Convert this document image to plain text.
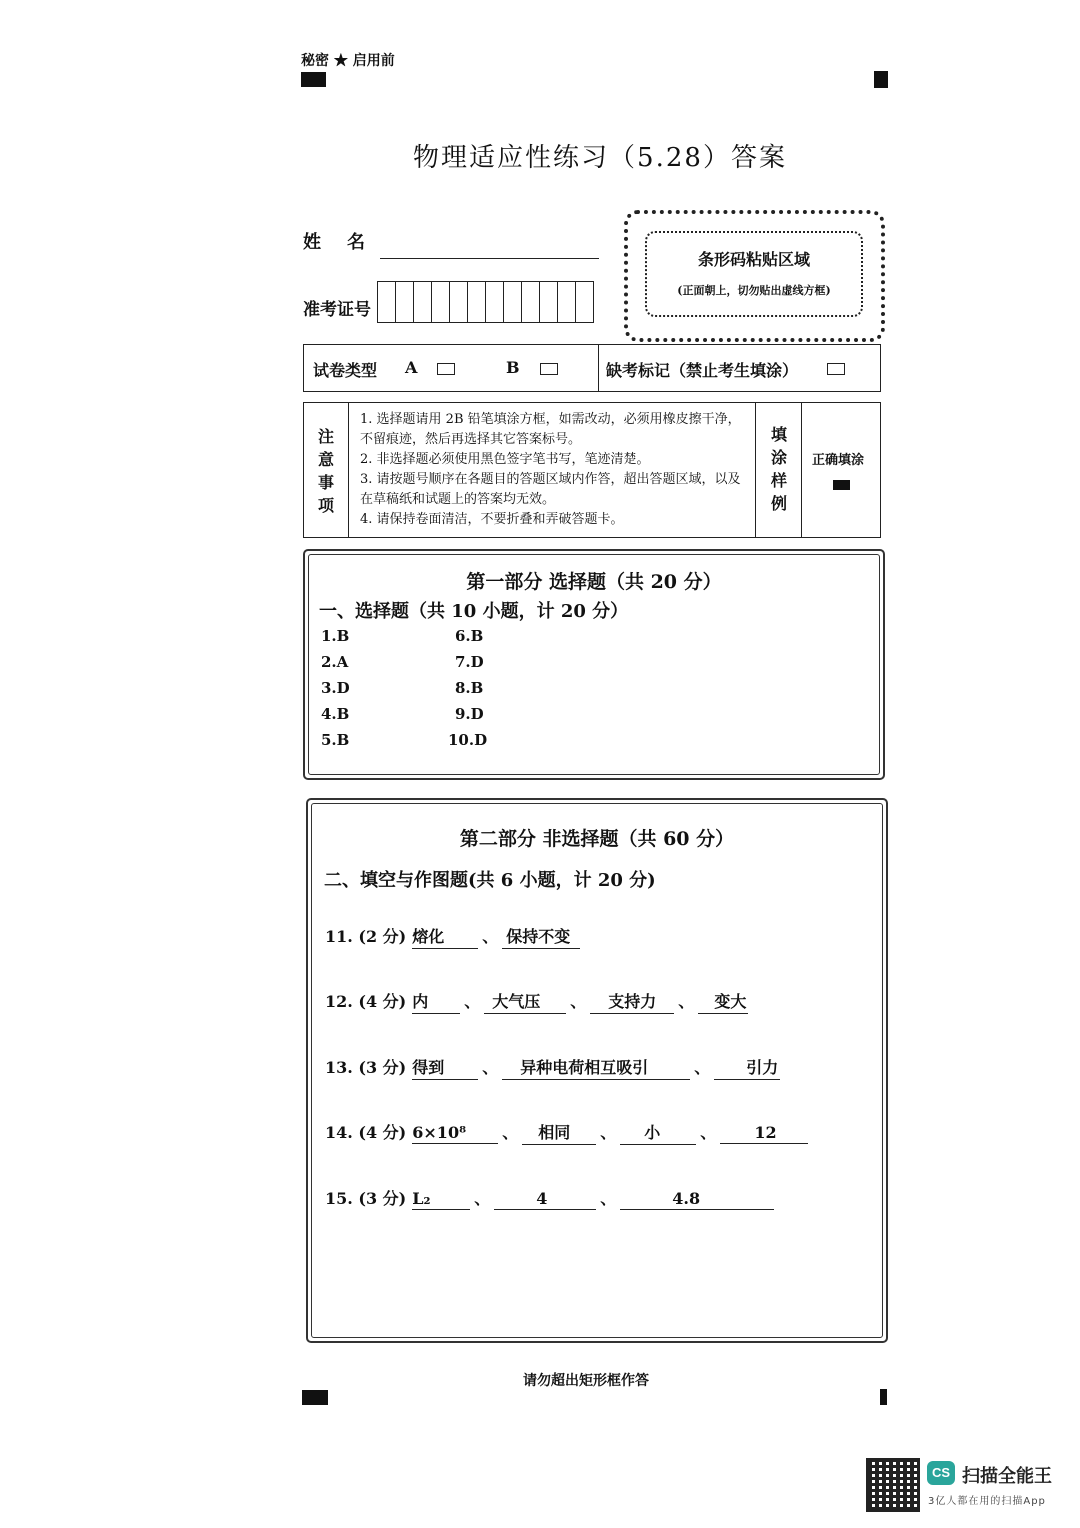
秘密 ★ 启用前
物理适应性练习（5.28）答案
姓名
准考证号
条形码粘贴区域
(正面朝上，切勿贴出虚线方框)
试卷类型 A	B	缺考标记（禁止考生填涂）
注意事项
1. 选择题请用 2B 铅笔填涂方框，如需改动，必须用橡皮擦干净，不留痕迹，然后再选择其它答案标号。
2. 非选择题必须使用黑色签字笔书写，笔迹清楚。
3. 请按题号顺序在各题目的答题区域内作答，超出答题区域，以及在草稿纸和试题上的答案均无效。
4. 请保持卷面清洁，不要折叠和弄破答题卡。
填涂样例
正确填涂
第一部分 选择题（共 20 分）
一、选择题（共 10 小题，计 20 分）
1.B
2.A
3.D
4.B
5.B
6.B
7.D
8.B
9.D
10.D
第二部分 非选择题（共 60 分）
二、填空与作图题(共 6 小题，计 20 分)
11. (2 分) 熔化	、 保持不变
12. (4 分) 内	、 大气压	、	支持力	、	变大
13. (3 分) 得到	、	异种电荷相互吸引	、	引力
14. (4 分) 6×10⁸	、	相同	、	小	、	12
15. (3 分) L₂	、	4	、	4.8
请勿超出矩形框作答
CS 扫描全能王
3亿人都在用的扫描App
